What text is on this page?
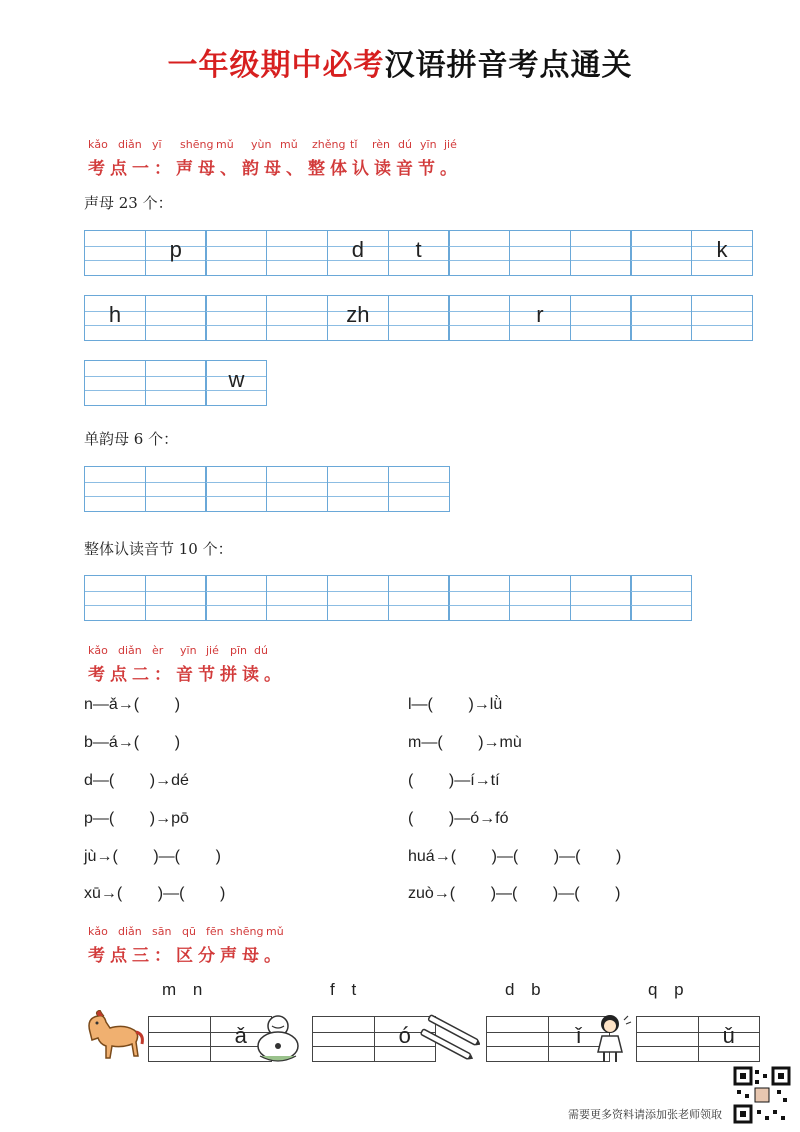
一年级期中必考汉语拼音考点通关
kǎo diǎn yī shēng mǔ yùn mǔ zhěng tǐ rèn dú yīn jié
考点一：声母、韵母、整体认读音节。
声母 23 个：
p	d	t	k
h	zh	r
w
单韵母 6 个：
整体认读音节 10 个：
kǎo diǎn èr yīn jié pīn dú
考点二：音节拼读。
n—ǎ→(        )
b—á→(        )
d—(        )→dé
p—(        )→pō
jù→(        )—(        )
xū→(        )—(        )
l—(        )→lǜ
m—(        )→mù
(        )—í→tí
(        )—ó→fó
huá→(        )—(        )—(        )
zuò→(        )—(        )—(        )
kǎo diǎn sān qū fēn shēng mǔ
考点三：区分声母。
m n
ǎ
f t
ó
d b
ǐ
q p
ǔ
需要更多资料请添加张老师领取
